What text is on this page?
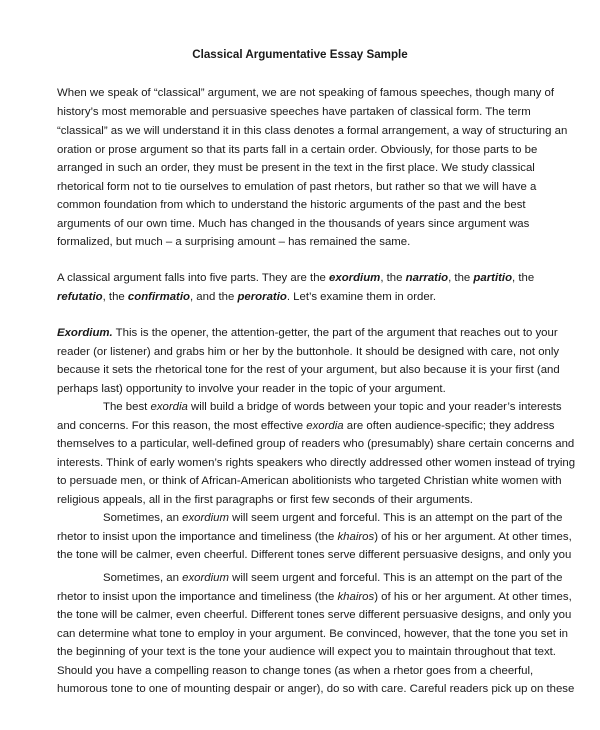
Classical Argumentative Essay Sample
When we speak of “classical” argument, we are not speaking of famous speeches, though many of
history’s most memorable and persuasive speeches have partaken of classical form. The term
“classical” as we will understand it in this class denotes a formal arrangement, a way of structuring an
oration or prose argument so that its parts fall in a certain order. Obviously, for those parts to be
arranged in such an order, they must be present in the text in the first place. We study classical
rhetorical form not to tie ourselves to emulation of past rhetors, but rather so that we will have a
common foundation from which to understand the historic arguments of the past and the best
arguments of our own time. Much has changed in the thousands of years since argument was
formalized, but much – a surprising amount – has remained the same.
A classical argument falls into five parts. They are the exordium, the narratio, the partitio, the
refutatio, the confirmatio, and the peroratio. Let’s examine them in order.
Exordium. This is the opener, the attention-getter, the part of the argument that reaches out to your
reader (or listener) and grabs him or her by the buttonhole. It should be designed with care, not only
because it sets the rhetorical tone for the rest of your argument, but also because it is your first (and
perhaps last) opportunity to involve your reader in the topic of your argument.
The best exordia will build a bridge of words between your topic and your reader’s interests
and concerns. For this reason, the most effective exordia are often audience-specific; they address
themselves to a particular, well-defined group of readers who (presumably) share certain concerns and
interests. Think of early women’s rights speakers who directly addressed other women instead of trying
to persuade men, or think of African-American abolitionists who targeted Christian white women with
religious appeals, all in the first paragraphs or first few seconds of their arguments.
Sometimes, an exordium will seem urgent and forceful. This is an attempt on the part of the
rhetor to insist upon the importance and timeliness (the khairos) of his or her argument. At other times,
the tone will be calmer, even cheerful. Different tones serve different persuasive designs, and only you
Sometimes, an exordium will seem urgent and forceful. This is an attempt on the part of the
rhetor to insist upon the importance and timeliness (the khairos) of his or her argument. At other times,
the tone will be calmer, even cheerful. Different tones serve different persuasive designs, and only you
can determine what tone to employ in your argument. Be convinced, however, that the tone you set in
the beginning of your text is the tone your audience will expect you to maintain throughout that text.
Should you have a compelling reason to change tones (as when a rhetor goes from a cheerful,
humorous tone to one of mounting despair or anger), do so with care. Careful readers pick up on these
